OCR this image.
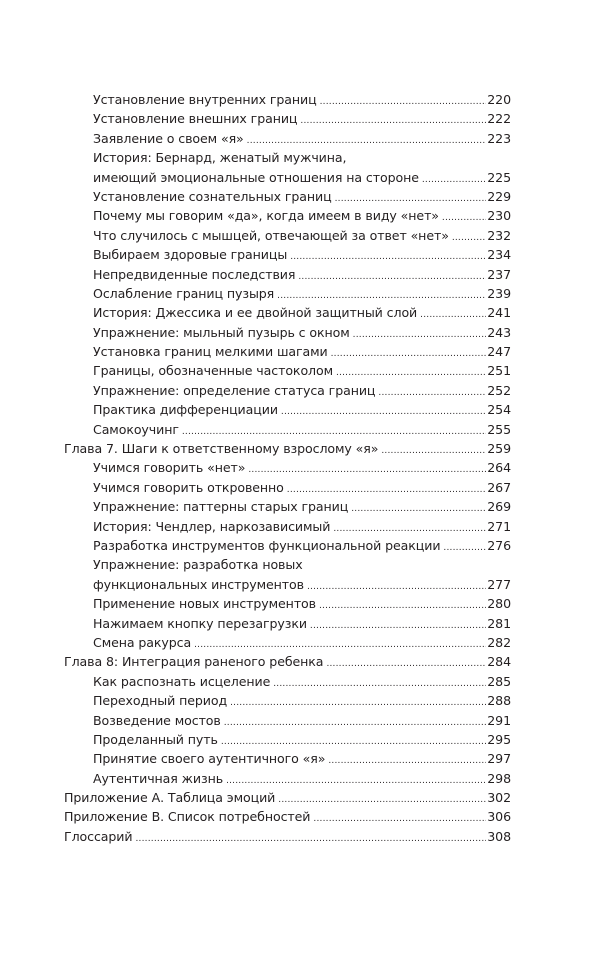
Установление внутренних границ .....	220
Установление внешних границ .....	222
Заявление о своем «я» .....	223
История: Бернард, женатый мужчина,
имеющий эмоциональные отношения на стороне .....	225
Установление сознательных границ .....	229
Почему мы говорим «да», когда имеем в виду «нет» .....	230
Что случилось с мышцей, отвечающей за ответ «нет» .....	232
Выбираем здоровые границы .....	234
Непредвиденные последствия .....	237
Ослабление границ пузыря .....	239
История: Джессика и ее двойной защитный слой .....	241
Упражнение: мыльный пузырь с окном .....	243
Установка границ мелкими шагами .....	247
Границы, обозначенные частоколом .....	251
Упражнение: определение статуса границ .....	252
Практика дифференциации .....	254
Самокоучинг .....	255
Глава 7. Шаги к ответственному взрослому «я» .....	259
Учимся говорить «нет» .....	264
Учимся говорить откровенно .....	267
Упражнение: паттерны старых границ .....	269
История: Чендлер, наркозависимый .....	271
Разработка инструментов функциональной реакции .....	276
Упражнение: разработка новых
функциональных инструментов .....	277
Применение новых инструментов .....	280
Нажимаем кнопку перезагрузки .....	281
Смена ракурса .....	282
Глава 8: Интеграция раненого ребенка .....	284
Как распознать исцеление .....	285
Переходный период .....	288
Возведение мостов .....	291
Проделанный путь .....	295
Принятие своего аутентичного «я» .....	297
Аутентичная жизнь .....	298
Приложение А. Таблица эмоций .....	302
Приложение В. Список потребностей .....	306
Глоссарий .....	308
